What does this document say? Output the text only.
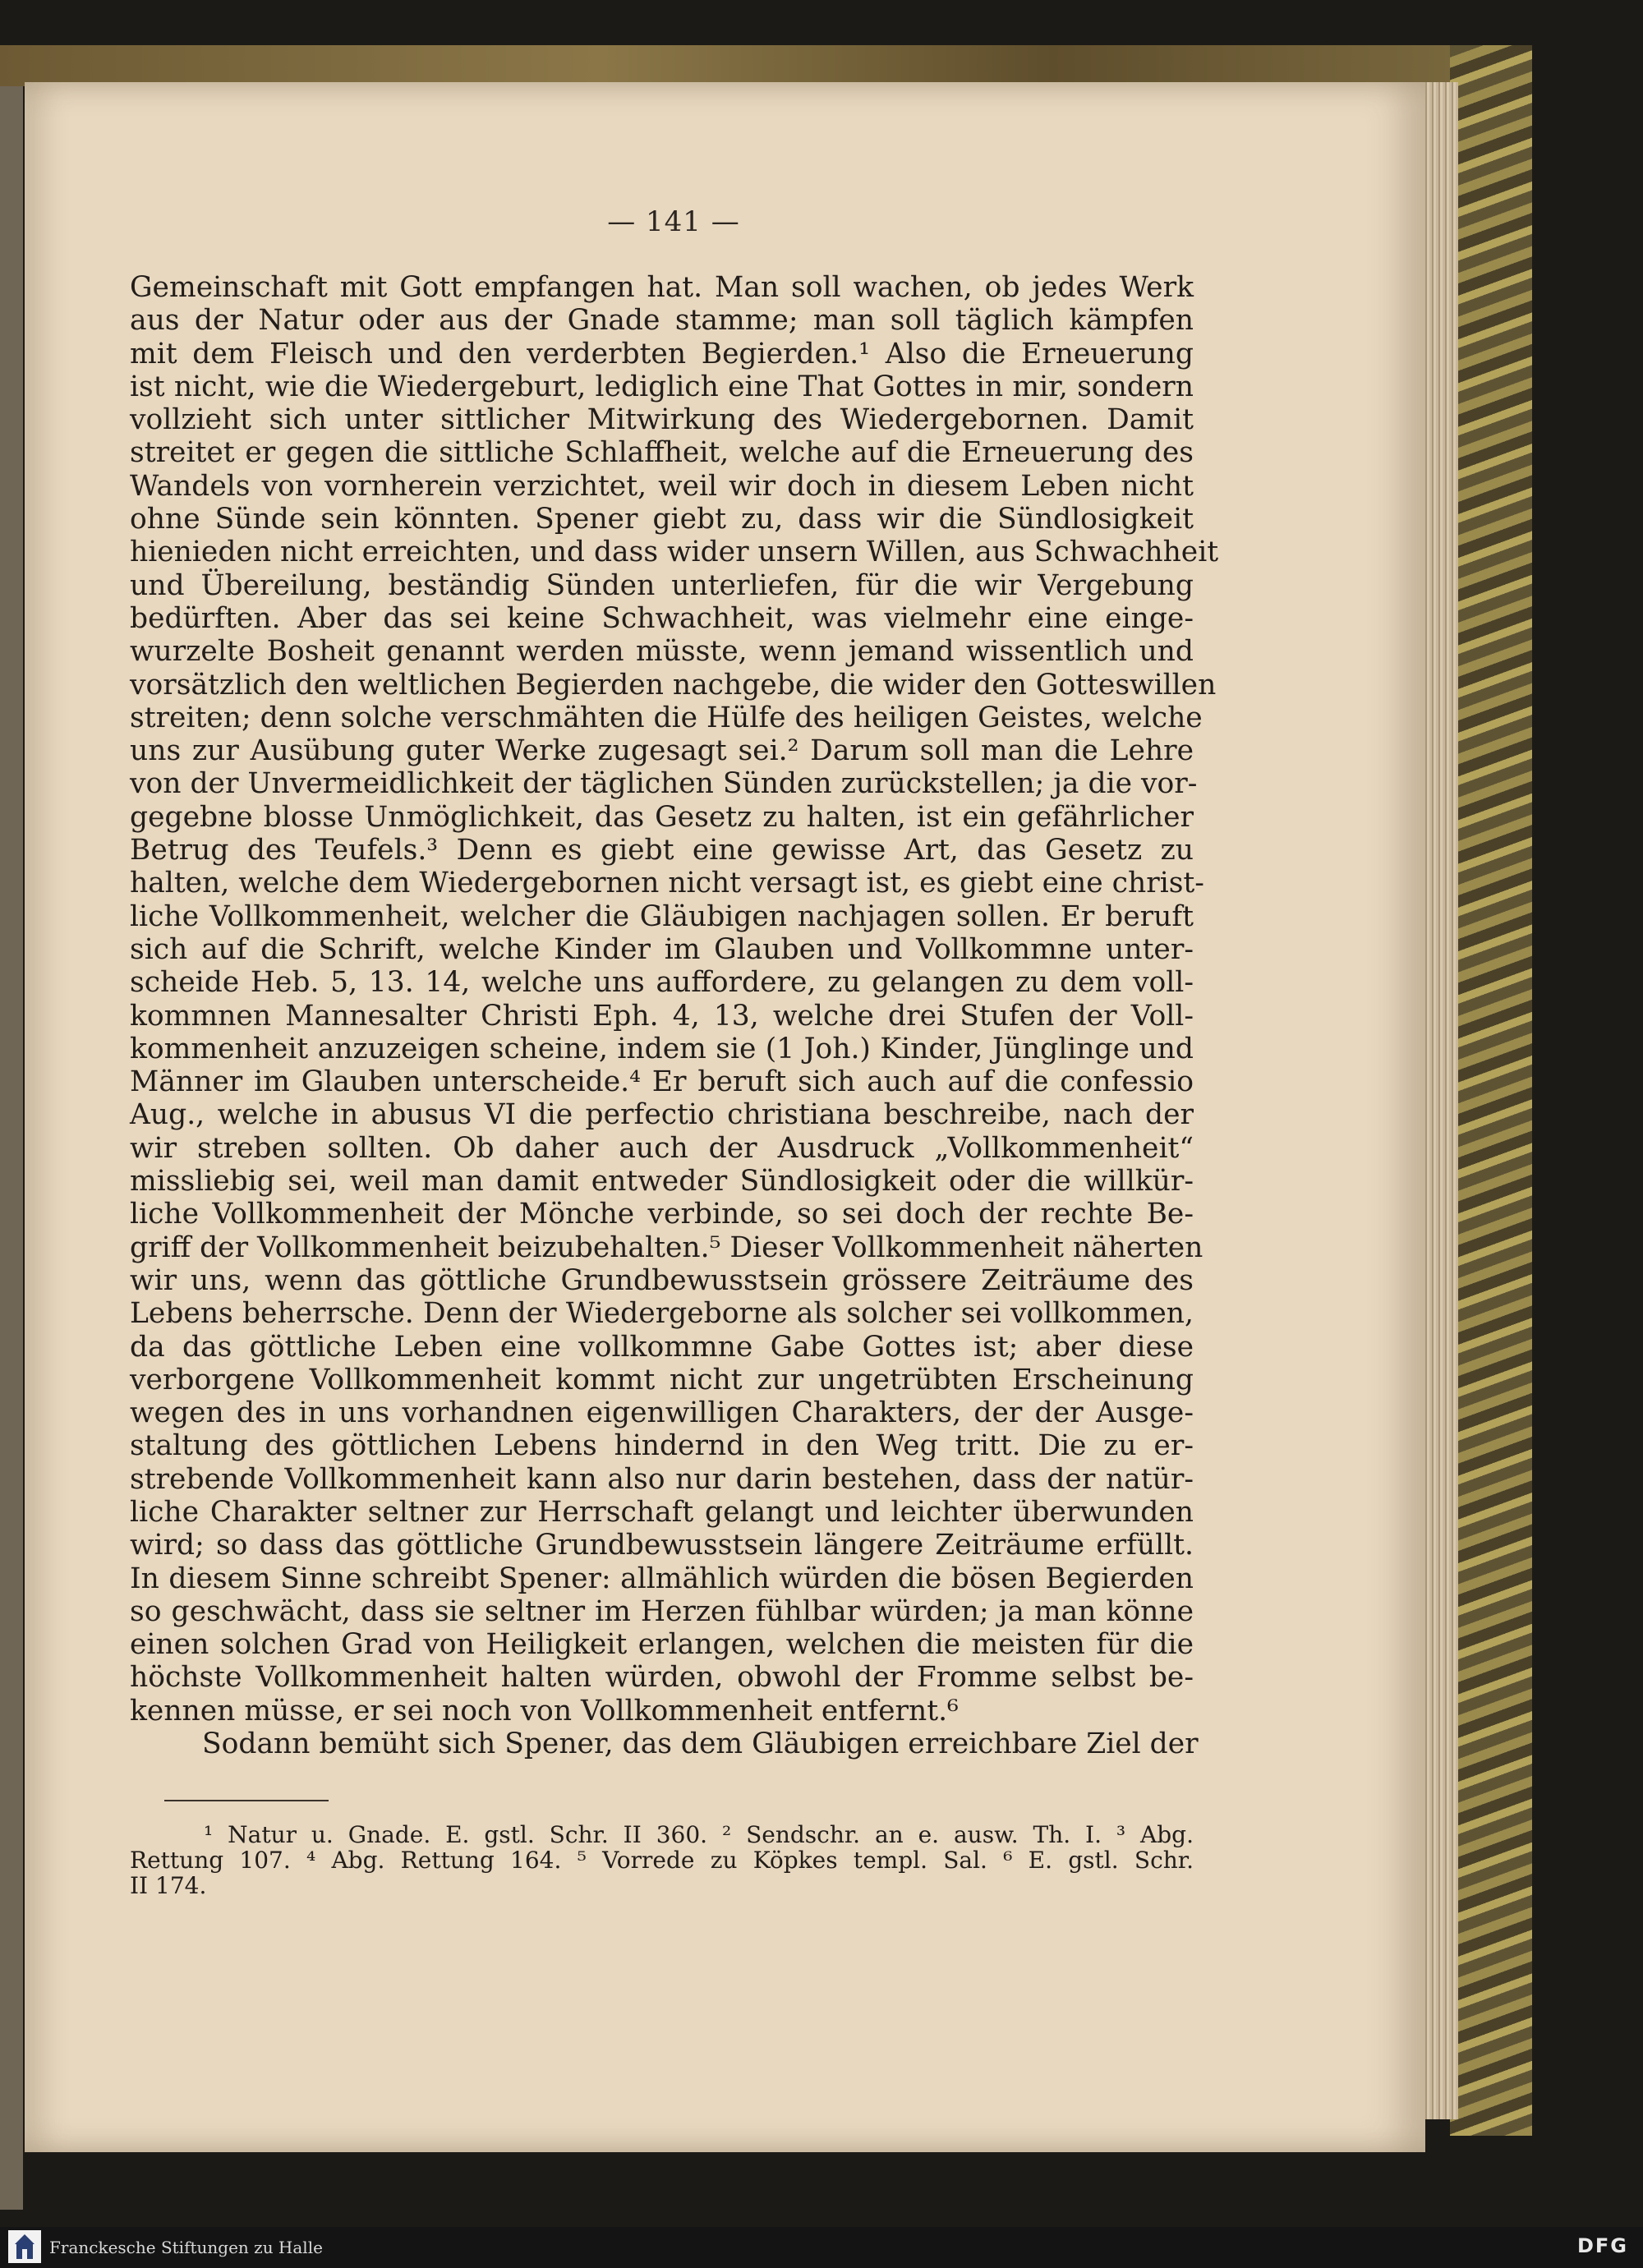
— 141 —
Gemeinschaft mit Gott empfangen hat. Man soll wachen, ob jedes Werk
aus der Natur oder aus der Gnade stamme; man soll täglich kämpfen
mit dem Fleisch und den verderbten Begierden.¹ Also die Erneuerung
ist nicht, wie die Wiedergeburt, lediglich eine That Gottes in mir, sondern
vollzieht sich unter sittlicher Mitwirkung des Wiedergebornen. Damit
streitet er gegen die sittliche Schlaffheit, welche auf die Erneuerung des
Wandels von vornherein verzichtet, weil wir doch in diesem Leben nicht
ohne Sünde sein könnten. Spener giebt zu, dass wir die Sündlosigkeit
hienieden nicht erreichten, und dass wider unsern Willen, aus Schwachheit
und Übereilung, beständig Sünden unterliefen, für die wir Vergebung
bedürften. Aber das sei keine Schwachheit, was vielmehr eine einge-
wurzelte Bosheit genannt werden müsste, wenn jemand wissentlich und
vorsätzlich den weltlichen Begierden nachgebe, die wider den Gotteswillen
streiten; denn solche verschmähten die Hülfe des heiligen Geistes, welche
uns zur Ausübung guter Werke zugesagt sei.² Darum soll man die Lehre
von der Unvermeidlichkeit der täglichen Sünden zurückstellen; ja die vor-
gegebne blosse Unmöglichkeit, das Gesetz zu halten, ist ein gefährlicher
Betrug des Teufels.³ Denn es giebt eine gewisse Art, das Gesetz zu
halten, welche dem Wiedergebornen nicht versagt ist, es giebt eine christ-
liche Vollkommenheit, welcher die Gläubigen nachjagen sollen. Er beruft
sich auf die Schrift, welche Kinder im Glauben und Vollkommne unter-
scheide Heb. 5, 13. 14, welche uns auffordere, zu gelangen zu dem voll-
kommnen Mannesalter Christi Eph. 4, 13, welche drei Stufen der Voll-
kommenheit anzuzeigen scheine, indem sie (1 Joh.) Kinder, Jünglinge und
Männer im Glauben unterscheide.⁴ Er beruft sich auch auf die confessio
Aug., welche in abusus VI die perfectio christiana beschreibe, nach der
wir streben sollten. Ob daher auch der Ausdruck „Vollkommenheit“
missliebig sei, weil man damit entweder Sündlosigkeit oder die willkür-
liche Vollkommenheit der Mönche verbinde, so sei doch der rechte Be-
griff der Vollkommenheit beizubehalten.⁵ Dieser Vollkommenheit näherten
wir uns, wenn das göttliche Grundbewusstsein grössere Zeiträume des
Lebens beherrsche. Denn der Wiedergeborne als solcher sei vollkommen,
da das göttliche Leben eine vollkommne Gabe Gottes ist; aber diese
verborgene Vollkommenheit kommt nicht zur ungetrübten Erscheinung
wegen des in uns vorhandnen eigenwilligen Charakters, der der Ausge-
staltung des göttlichen Lebens hindernd in den Weg tritt. Die zu er-
strebende Vollkommenheit kann also nur darin bestehen, dass der natür-
liche Charakter seltner zur Herrschaft gelangt und leichter überwunden
wird; so dass das göttliche Grundbewusstsein längere Zeiträume erfüllt.
In diesem Sinne schreibt Spener: allmählich würden die bösen Begierden
so geschwächt, dass sie seltner im Herzen fühlbar würden; ja man könne
einen solchen Grad von Heiligkeit erlangen, welchen die meisten für die
höchste Vollkommenheit halten würden, obwohl der Fromme selbst be-
kennen müsse, er sei noch von Vollkommenheit entfernt.⁶
Sodann bemüht sich Spener, das dem Gläubigen erreichbare Ziel der
¹ Natur u. Gnade. E. gstl. Schr. II 360. ² Sendschr. an e. ausw. Th. I. ³ Abg.
Rettung 107. ⁴ Abg. Rettung 164. ⁵ Vorrede zu Köpkes templ. Sal. ⁶ E. gstl. Schr.
II 174.
Franckesche Stiftungen zu Halle	DFG
